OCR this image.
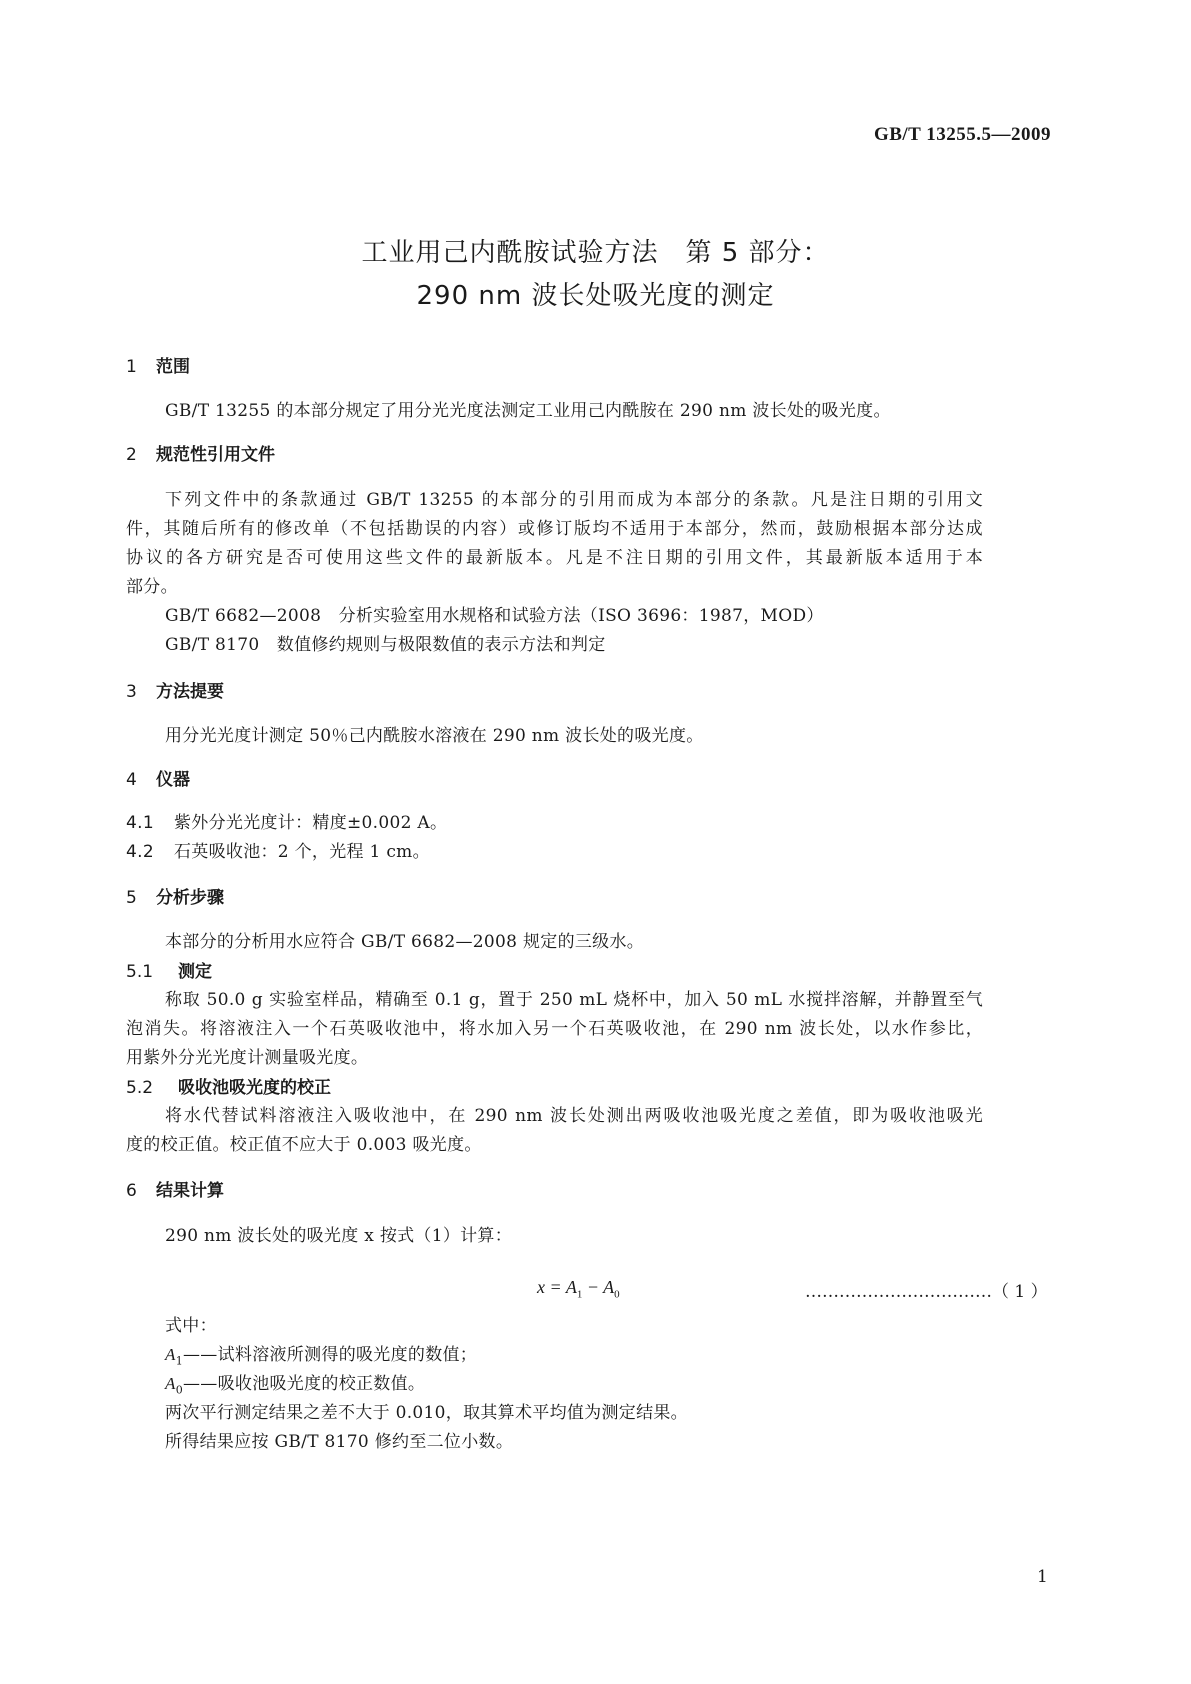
GB/T 13255.5—2009
工业用己内酰胺试验方法　第 5 部分：
290 nm 波长处吸光度的测定
1 范围
GB/T 13255 的本部分规定了用分光光度法测定工业用己内酰胺在 290 nm 波长处的吸光度。
2 规范性引用文件
下列文件中的条款通过 GB/T 13255 的本部分的引用而成为本部分的条款。凡是注日期的引用文
件，其随后所有的修改单（不包括勘误的内容）或修订版均不适用于本部分，然而，鼓励根据本部分达成
协议的各方研究是否可使用这些文件的最新版本。凡是不注日期的引用文件，其最新版本适用于本
部分。
GB/T 6682—2008　分析实验室用水规格和试验方法（ISO 3696：1987，MOD）
GB/T 8170　数值修约规则与极限数值的表示方法和判定
3 方法提要
用分光光度计测定 50％己内酰胺水溶液在 290 nm 波长处的吸光度。
4 仪器
4.1 紫外分光光度计：精度±0.002 A。
4.2 石英吸收池：2 个，光程 1 cm。
5 分析步骤
本部分的分析用水应符合 GB/T 6682—2008 规定的三级水。
5.1 测定
称取 50.0 g 实验室样品，精确至 0.1 g，置于 250 mL 烧杯中，加入 50 mL 水搅拌溶解，并静置至气
泡消失。将溶液注入一个石英吸收池中，将水加入另一个石英吸收池，在 290 nm 波长处，以水作参比，
用紫外分光光度计测量吸光度。
5.2 吸收池吸光度的校正
将水代替试料溶液注入吸收池中，在 290 nm 波长处测出两吸收池吸光度之差值，即为吸收池吸光
度的校正值。校正值不应大于 0.003 吸光度。
6 结果计算
290 nm 波长处的吸光度 x 按式（1）计算：
$x = A_1 - A_0$	……………………………（ 1 ）
式中：
$A_1——$试料溶液所测得的吸光度的数值；
$A_0——$吸收池吸光度的校正数值。
两次平行测定结果之差不大于 0.010，取其算术平均值为测定结果。
所得结果应按 GB/T 8170 修约至二位小数。
1
